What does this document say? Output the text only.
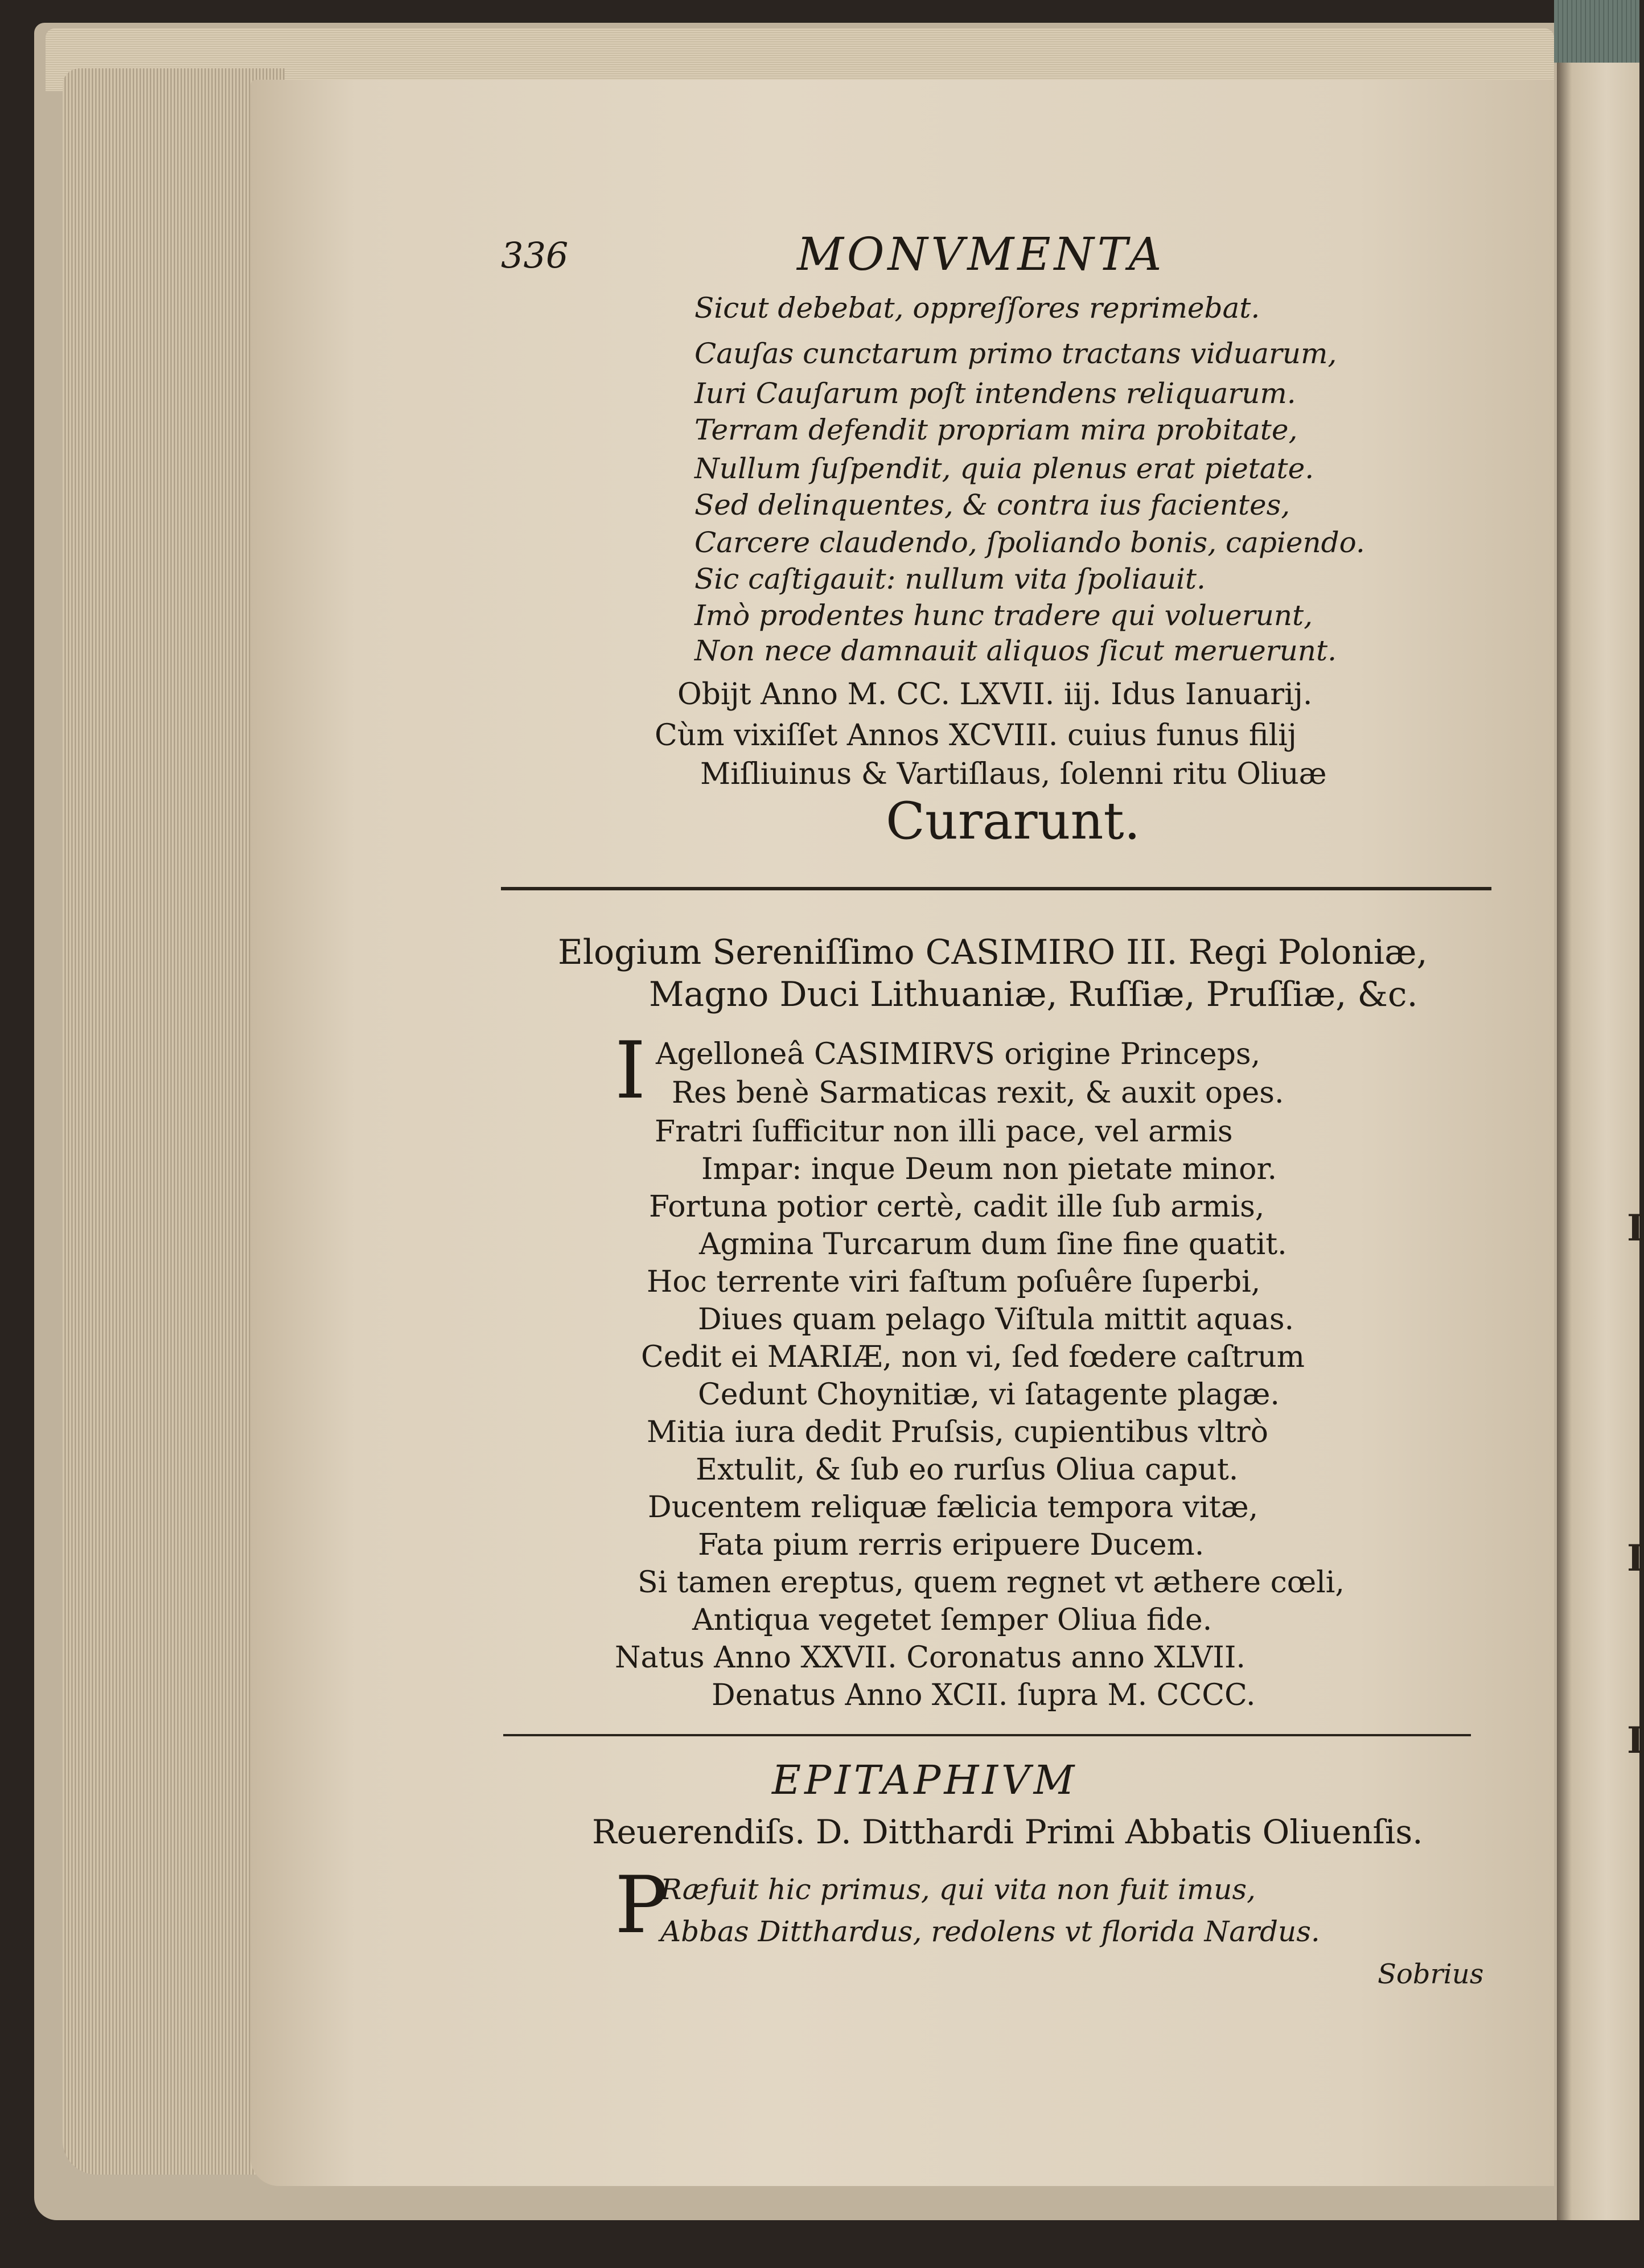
I
I
I
336	MONVMENTA
Sicut debebat, oppreſſores reprimebat.
Cauſas cunctarum primo tractans viduarum,
Iuri Cauſarum poſt intendens reliquarum.
Terram defendit propriam mira probitate,
Nullum ſuſpendit, quia plenus erat pietate.
Sed delinquentes, & contra ius facientes,
Carcere claudendo, ſpoliando bonis, capiendo.
Sic caſtigauit: nullum vita ſpoliauit.
Imò prodentes hunc tradere qui voluerunt,
Non nece damnauit aliquos ſicut meruerunt.
Obijt Anno M. CC. LXVII. iij. Idus Ianuarij.
Cùm vixiſſet Annos XCVIII. cuius funus filij
Miſliuinus & Vartiſlaus, ſolenni ritu Oliuæ
Curarunt.
Elogium Sereniſſimo CASIMIRO III. Regi Poloniæ,
Magno Duci Lithuaniæ, Ruſſiæ, Pruſſiæ, &c.
I Agelloneâ CASIMIRVS origine Princeps,
Res benè Sarmaticas rexit, & auxit opes.
Fratri ſufficitur non illi pace, vel armis
Impar: inque Deum non pietate minor.
Fortuna potior certè, cadit ille ſub armis,
Agmina Turcarum dum ſine fine quatit.
Hoc terrente viri faſtum poſuêre ſuperbi,
Diues quam pelago Viſtula mittit aquas.
Cedit ei MARIÆ, non vi, ſed fœdere caſtrum
Cedunt Choynitiæ, vi ſatagente plagæ.
Mitia iura dedit Pruſsis, cupientibus vltrò
Extulit, & ſub eo rurſus Oliua caput.
Ducentem reliquæ fælicia tempora vitæ,
Fata pium rerris eripuere Ducem.
Si tamen ereptus, quem regnet vt æthere cœli,
Antiqua vegetet ſemper Oliua fide.
Natus Anno XXVII. Coronatus anno XLVII.
Denatus Anno XCII. ſupra M. CCCC.
EPITAPHIVM
Reuerendiſs. D. Ditthardi Primi Abbatis Oliuenſis.
P
Ræfuit hic primus, qui vita non fuit imus,
Abbas Ditthardus, redolens vt florida Nardus.
Sobrius
